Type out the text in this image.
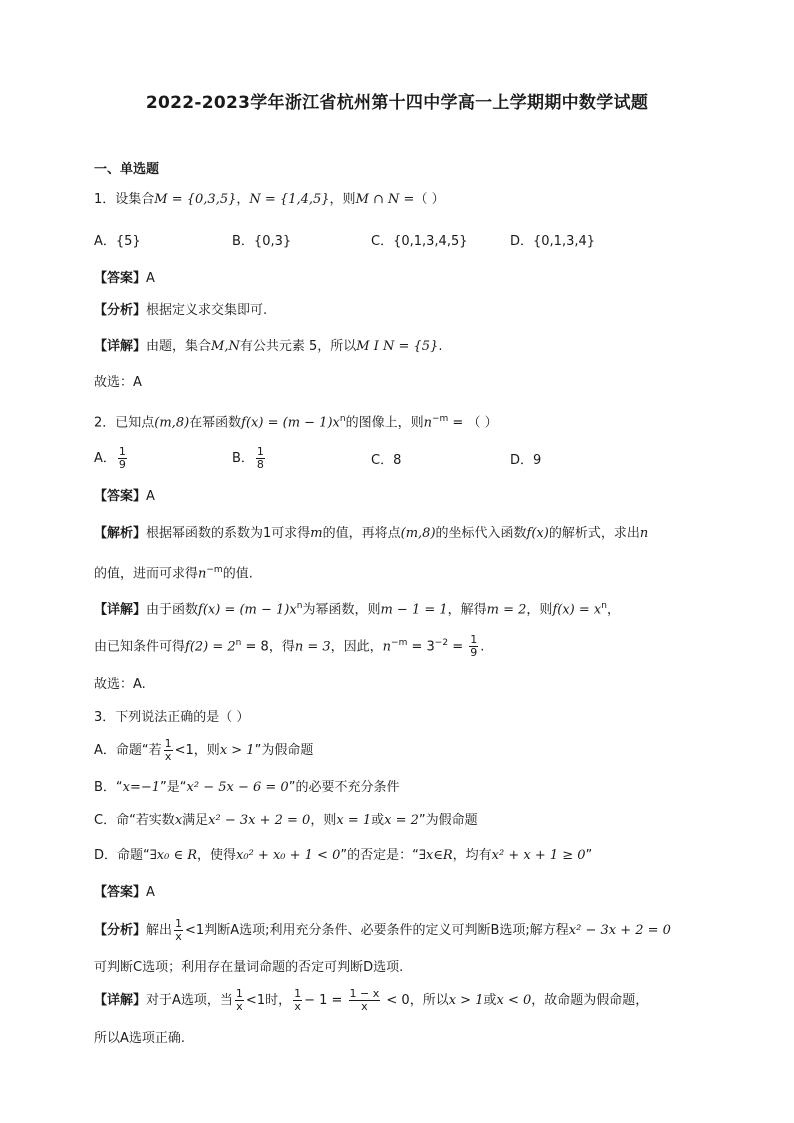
2022-2023学年浙江省杭州第十四中学高一上学期期中数学试题
一、单选题
1．设集合M = {0,3,5}，N = {1,4,5}，则M ∩ N =（ ）
A．{5}	B．{0,3}	C．{0,1,3,4,5}	D．{0,1,3,4}
【答案】A
【分析】根据定义求交集即可.
【详解】由题，集合M,N有公共元素 5，所以M I N = {5}.
故选：A
2．已知点(m,8)在幂函数$f(x) = (m - 1)x^n$的图像上，则$n^{-m}$ = （ ）
A． $\frac{1}{9}$	B． $\frac{1}{8}$	C．8	D．9
【答案】A
【解析】根据幂函数的系数为1可求得m的值，再将点(m,8)的坐标代入函数f(x)的解析式，求出n
的值，进而可求得$n^{-m}$的值.
【详解】由于函数$f(x) = (m - 1)x^n$为幂函数，则m − 1 = 1，解得m = 2，则$f(x) = x^n$，
由已知条件可得$f(2) = 2^n = 8$，得n = 3，因此，$n^{-m} = 3^{-2} = \frac{1}{9}$ .
故选：A.
3．下列说法正确的是（ ）
A．命题“若 $\frac{1}{x} <1$，则x > 1”为假命题
B．“x=−1”是“x² − 5x − 6 = 0”的必要不充分条件
C．命“若实数x满足x² − 3x + 2 = 0，则x = 1或x = 2”为假命题
D．命题“∃x₀ ∈ R，使得x₀² + x₀ + 1 < 0”的否定是：“∃x∈R，均有x² + x + 1 ≥ 0”
【答案】A
【分析】解出 $\frac{1}{x} <1$判断A选项;利用充分条件、必要条件的定义可判断B选项;解方程x² − 3x + 2 = 0
可判断C选项；利用存在量词命题的否定可判断D选项.
【详解】对于A选项，当 $\frac{1}{x} <1$时， $\frac{1}{x} - 1 = \frac{1 - x}{x} < 0$，所以x > 1或x < 0，故命题为假命题，
所以A选项正确.
